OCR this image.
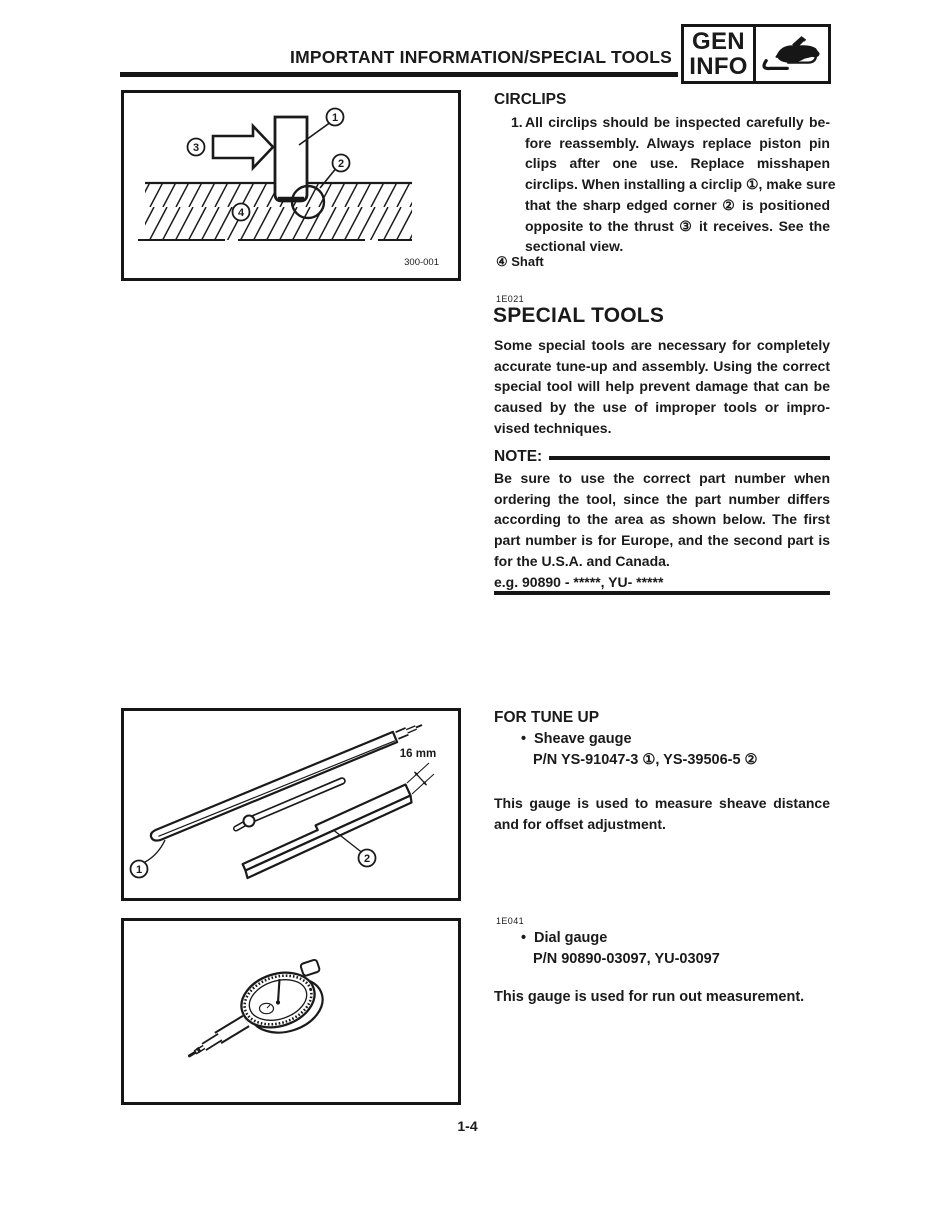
IMPORTANT INFORMATION/SPECIAL TOOLS
GEN
INFO
1
2
3
4
300-001
CIRCLIPS
1. All circlips should be inspected carefully be-
fore reassembly. Always replace piston pin
clips after one use. Replace misshapen
circlips. When installing a circlip ①, make sure
that the sharp edged corner ② is positioned
opposite to the thrust ③ it receives. See the
sectional view.
④ Shaft
1E021
SPECIAL TOOLS
Some special tools are necessary for completely
accurate tune-up and assembly. Using the correct
special tool will help prevent damage that can be
caused by the use of improper tools or impro-
vised techniques.
NOTE:
Be sure to use the correct part number when
ordering the tool, since the part number differs
according to the area as shown below. The first
part number is for Europe, and the second part is
for the U.S.A. and Canada.
e.g. 90890 - *****, YU- *****
FOR TUNE UP
• Sheave gauge
P/N YS-91047-3 ①, YS-39506-5 ②
This gauge is used to measure sheave distance
and for offset adjustment.
16 mm
1
2
1E041
• Dial gauge
P/N 90890-03097, YU-03097
This gauge is used for run out measurement.
1-4
